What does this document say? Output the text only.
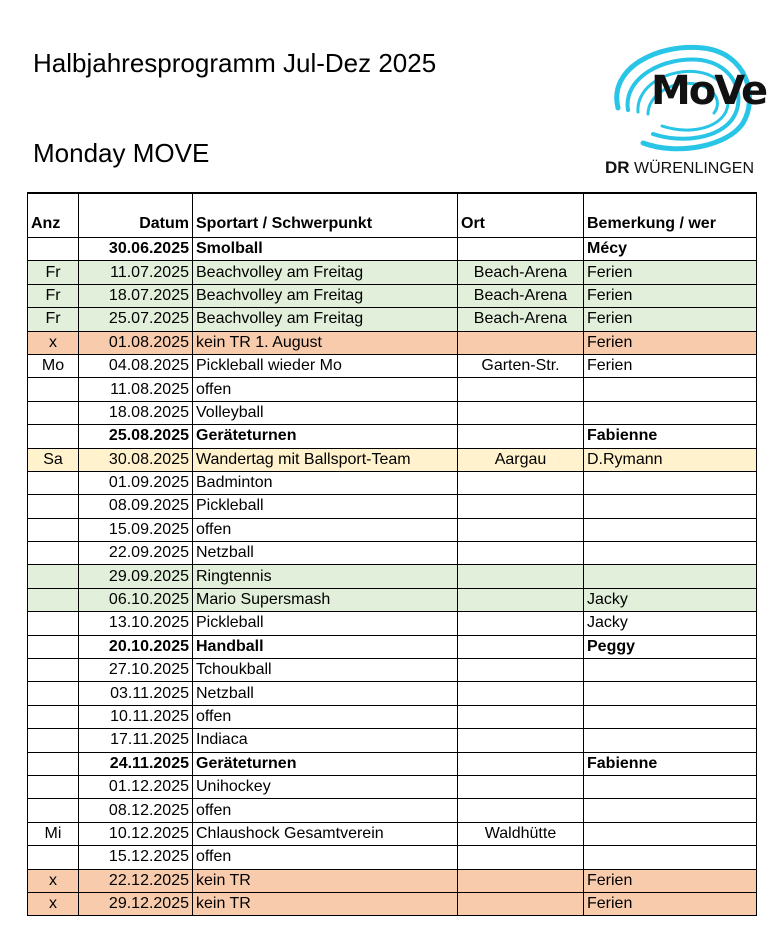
Halbjahresprogramm Jul-Dez 2025
Monday MOVE
MoVe
DR WÜRENLINGEN
Anz	Datum	Sportart / Schwerpunkt	Ort	Bemerkung / wer
	30.06.2025	Smolball		Mécy
Fr	11.07.2025	Beachvolley am Freitag	Beach-Arena	Ferien
Fr	18.07.2025	Beachvolley am Freitag	Beach-Arena	Ferien
Fr	25.07.2025	Beachvolley am Freitag	Beach-Arena	Ferien
x	01.08.2025	kein TR 1. August		Ferien
Mo	04.08.2025	Pickleball wieder Mo	Garten-Str.	Ferien
	11.08.2025	offen		
	18.08.2025	Volleyball		
	25.08.2025	Geräteturnen		Fabienne
Sa	30.08.2025	Wandertag mit Ballsport-Team	Aargau	D.Rymann
	01.09.2025	Badminton		
	08.09.2025	Pickleball		
	15.09.2025	offen		
	22.09.2025	Netzball		
	29.09.2025	Ringtennis		
	06.10.2025	Mario Supersmash		Jacky
	13.10.2025	Pickleball		Jacky
	20.10.2025	Handball		Peggy
	27.10.2025	Tchoukball		
	03.11.2025	Netzball		
	10.11.2025	offen		
	17.11.2025	Indiaca		
	24.11.2025	Geräteturnen		Fabienne
	01.12.2025	Unihockey		
	08.12.2025	offen		
Mi	10.12.2025	Chlaushock Gesamtverein	Waldhütte	
	15.12.2025	offen		
x	22.12.2025	kein TR		Ferien
x	29.12.2025	kein TR		Ferien
